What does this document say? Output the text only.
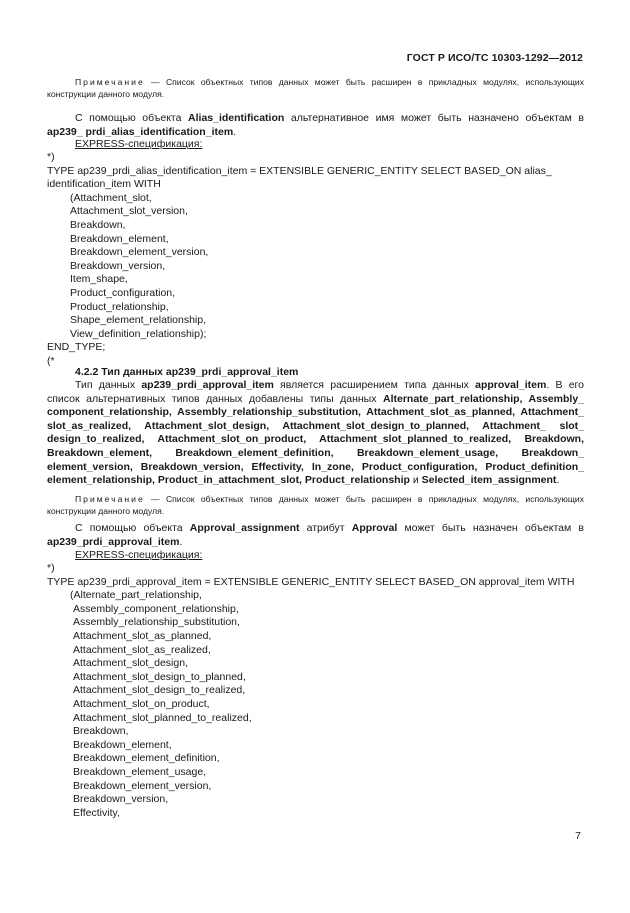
ГОСТ Р ИСО/ТС 10303-1292—2012
Примечание — Список объектных типов данных может быть расширен в прикладных модулях, использующих конструкции данного модуля.
С помощью объекта Alias_identification альтернативное имя может быть назначено объектам в ap239_ prdi_alias_identification_item.
EXPRESS-спецификация:
*)
TYPE ap239_prdi_alias_identification_item = EXTENSIBLE GENERIC_ENTITY SELECT BASED_ON alias_
identification_item WITH
(Attachment_slot,
Attachment_slot_version,
Breakdown,
Breakdown_element,
Breakdown_element_version,
Breakdown_version,
Item_shape,
Product_configuration,
Product_relationship,
Shape_element_relationship,
View_definition_relationship);
END_TYPE;
(*
4.2.2 Тип данных ap239_prdi_approval_item
Тип данных ap239_prdi_approval_item является расширением типа данных approval_item. В его список альтернативных типов данных добавлены типы данных Alternate_part_relationship, Assembly_ component_relationship, Assembly_relationship_substitution, Attachment_slot_as_planned, Attachment_ slot_as_realized, Attachment_slot_design, Attachment_slot_design_to_planned, Attachment_ slot_ design_to_realized, Attachment_slot_on_product, Attachment_slot_planned_to_realized, Breakdown, Breakdown_element, Breakdown_element_definition, Breakdown_element_usage, Breakdown_ element_version, Breakdown_version, Effectivity, In_zone, Product_configuration, Product_definition_ element_relationship, Product_in_attachment_slot, Product_relationship и Selected_item_assignment.
Примечание — Список объектных типов данных может быть расширен в прикладных модулях, использующих конструкции данного модуля.
С помощью объекта Approval_assignment атрибут Approval может быть назначен объектам в ap239_prdi_approval_item.
EXPRESS-спецификация:
*)
TYPE ap239_prdi_approval_item = EXTENSIBLE GENERIC_ENTITY SELECT BASED_ON approval_item WITH
(Alternate_part_relationship,
Assembly_component_relationship,
Assembly_relationship_substitution,
Attachment_slot_as_planned,
Attachment_slot_as_realized,
Attachment_slot_design,
Attachment_slot_design_to_planned,
Attachment_slot_design_to_realized,
Attachment_slot_on_product,
Attachment_slot_planned_to_realized,
Breakdown,
Breakdown_element,
Breakdown_element_definition,
Breakdown_element_usage,
Breakdown_element_version,
Breakdown_version,
Effectivity,
7
